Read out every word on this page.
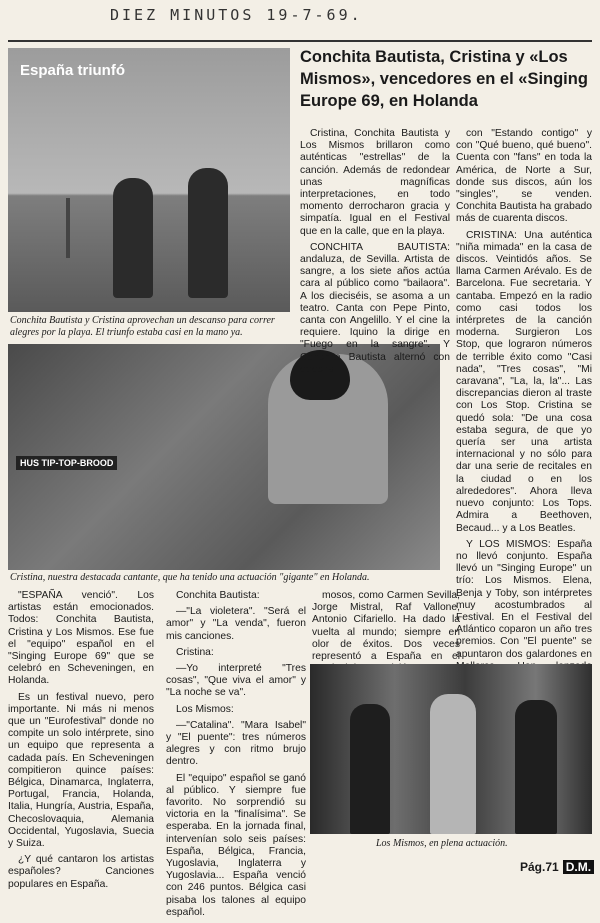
DIEZ MINUTOS 19-7-69.
Conchita Bautista, Cristina y «Los Mismos», vencedores en el «Singing Europe 69, en Holanda
España triunfó
Conchita Bautista y Cristina aprovechan un descanso para correr alegres por la playa. El triunfo estaba casi en la mano ya.
HUS TIP-TOP-BROOD
Cristina, nuestra destacada cantante, que ha tenido una actuación "gigante" en Holanda.

Cristina, Conchita Bautista y Los Mismos brillaron como auténticas "estrellas" de la canción. Además de redondear unas magníficas interpretaciones, en todo momento derrocharon gracia y simpatía. Igual en el Festival que en la calle, que en la playa.

CONCHITA BAUTISTA: andaluza, de Sevilla. Artista de sangre, a los siete años actúa cara al público como "bailaora". A los dieciséis, se asoma a un teatro. Canta con Pepe Pinto, canta con Angelillo. Y el cine la requiere. Iquino la dirige en "Fuego en la sangre". Y Conchita Bautista alternó con otros fa-

con "Estando contigo" y con "Qué bueno, qué bueno". Cuenta con "fans" en toda la América, de Norte a Sur, donde sus discos, aún los "singles", se venden. Conchita Bautista ha grabado más de cuarenta discos.

CRISTINA: Una auténtica "niña mimada" en la casa de discos. Veintidós años. Se llama Carmen Arévalo. Es de Barcelona. Fue secretaria. Y cantaba. Empezó en la radio como casi todos los intérpretes de la canción moderna. Surgieron Los Stop, que lograron números de terrible éxito como "Casi nada", "Tres cosas", "Mi caravana", "La, la, la"... Las discrepancias dieron al traste con Los Stop. Cristina se quedó sola: "De una cosa estaba segura, de que yo quería ser una artista internacional y no sólo para dar una serie de recitales en la ciudad o en los alrededores". Ahora lleva nuevo conjunto: Los Tops. Admira a Beethoven, Becaud... y a Los Beatles.

Y LOS MISMOS: España no llevó conjunto. España llevó un "Singing Europe" un trío: Los Mismos. Elena, Benja y Toby, son intérpretes muy acostumbrados al Festival. En el Festival del Atlántico coparon un año tres premios. Con "El puente" se apuntaron dos galardones en

"ESPAÑA venció". Los artistas están emocionados. Todos: Conchita Bautista, Cristina y Los Mismos. Ese fue el "equipo" español en el "Singing Europe 69" que se celebró en Scheveningen, en Holanda.

Es un festival nuevo, pero importante. Ni más ni menos que un "Eurofestival" donde no compite un solo intérprete, sino un equipo que representa a cadada país. En Scheveningen compitieron quince países: Bélgica, Dinamarca, Inglaterra, Portugal, Francia, Holanda, Italia, Hungría, Austria, España, Checoslovaquia, Alemania Occidental, Yugoslavia, Suecia y Suiza.

¿Y qué cantaron los artistas españoles? Canciones populares en España.

Conchita Bautista:

—"La violetera". "Será el amor" y "La venda", fueron mis canciones.

Cristina:

—Yo interpreté "Tres cosas", "Que viva el amor" y "La noche se va".

Los Mismos:

—"Catalina". "Mara Isabel" y "El puente": tres números alegres y con ritmo brujo dentro.

El "equipo" español se ganó al público. Y siempre fue favorito. No sorprendió su victoria en la "finalísima". Se esperaba. En la jornada final, intervenían solo seis países: España, Bélgica, Francia, Yugoslavia, Inglaterra y Yugoslavia... España venció con 246 puntos. Bélgica casi pisaba los talones al equipo español.

mosos, como Carmen Sevilla, Jorge Mistral, Raf Vallone, Antonio Cifariello. Ha dado la vuelta al mundo; siempre en olor de éxitos. Dos veces representó a España en el

Los Mismos, en plena actuación.
Pág.71 D.M.
